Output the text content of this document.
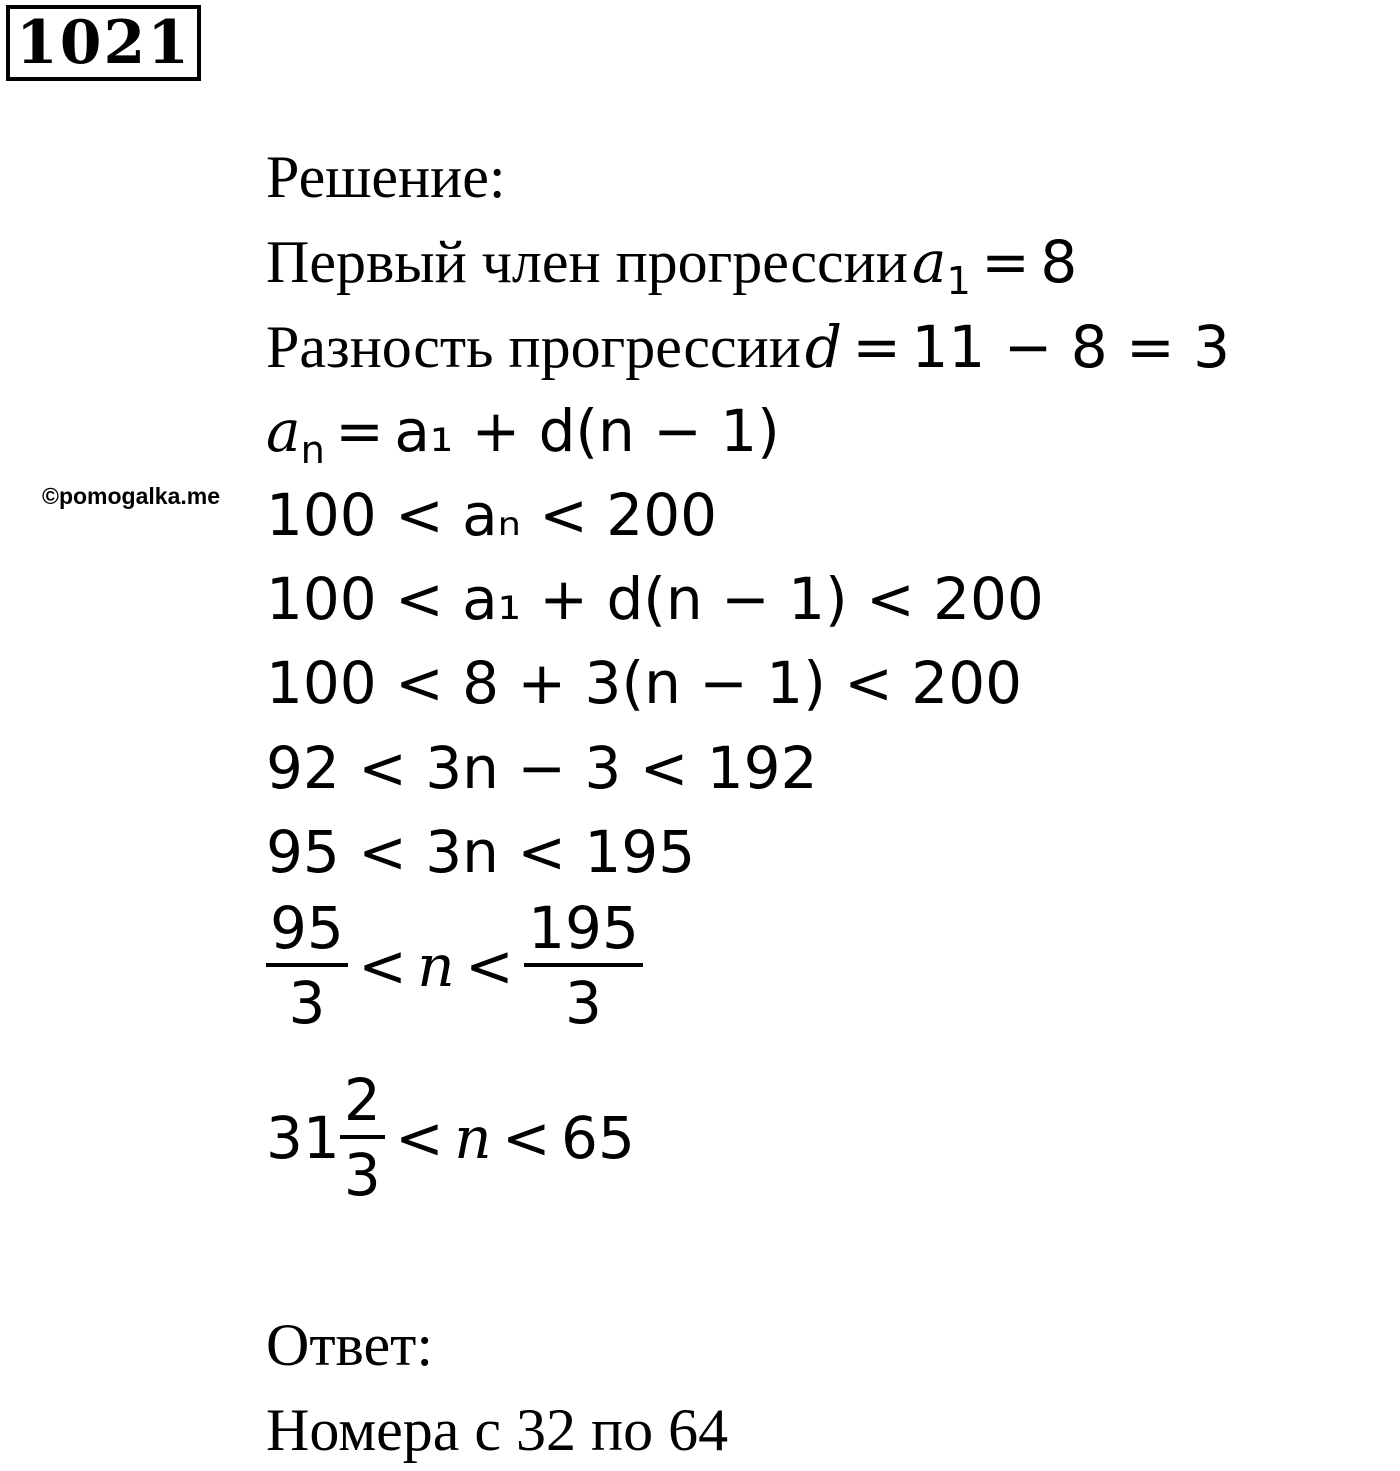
1021
©pomogalka.me
Решение:
Первый член прогрессии $a_1 = 8$
Разность прогрессии d = 11 − 8 = 3
$a_n = a_1 + d(n - 1)$
100 < aₙ < 200
100 < a₁ + d(n − 1) < 200
100 < 8 + 3(n − 1) < 200
92 < 3n − 3 < 192
95 < 3n < 195
$\frac{95}{3} < n < \frac{195}{3}$
$31 \frac{2}{3} < n < 65$
Ответ:
Номера с 32 по 64
